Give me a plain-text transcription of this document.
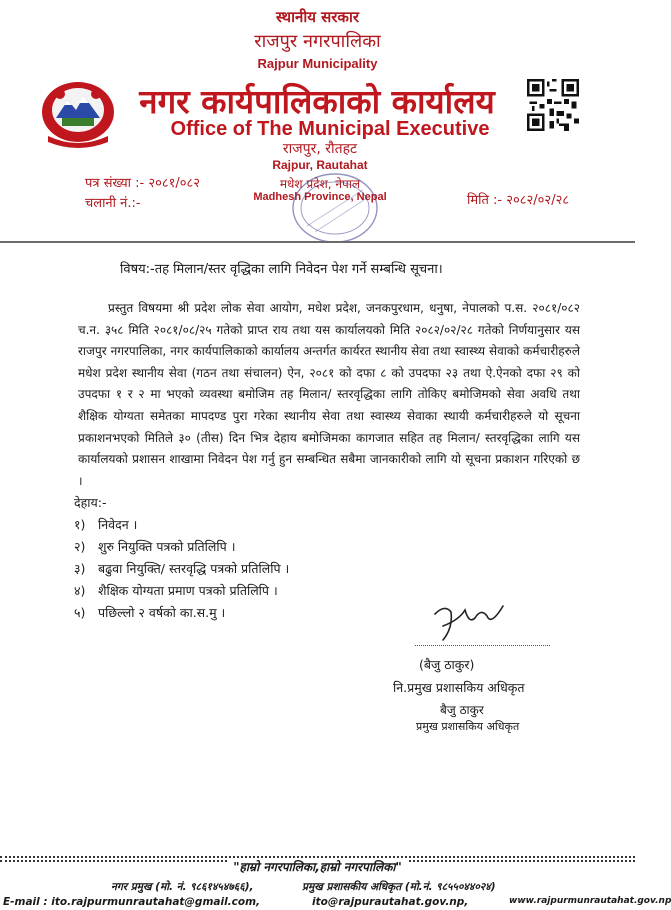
स्थानीय सरकार
राजपुर नगरपालिका
Rajpur Municipality
नगर कार्यपालिकाको कार्यालय
Office of The Municipal Executive
राजपुर, रौतहट
Rajpur, Rautahat
मधेश प्रदेश, नेपाल
Madhesh Province, Nepal
पत्र संख्या :- २०८१/०८२
चलानी नं.:-	मिति :- २०८२/०२/२८
विषय:-तह मिलान/स्तर वृद्धिका लागि निवेदन पेश गर्ने सम्बन्धि सूचना।
प्रस्तुत विषयमा श्री प्रदेश लोक सेवा आयोग, मधेश प्रदेश, जनकपुरधाम, धनुषा, नेपालको प.स. २०८१/०८२ च.न. ३५८ मिति २०८१/०८/२५ गतेको प्राप्त राय तथा यस कार्यालयको मिति २०८२/०२/२८ गतेको निर्णयानुसार यस राजपुर नगरपालिका, नगर कार्यपालिकाको कार्यालय अन्तर्गत कार्यरत स्थानीय सेवा तथा स्वास्थ्य सेवाको कर्मचारीहरुले मधेश प्रदेश स्थानीय सेवा (गठन तथा संचालन) ऐन, २०८१ को दफा ८ को उपदफा २३ तथा ऐ.ऐनको दफा २९ को उपदफा १ र २ मा भएको व्यवस्था बमोजिम तह मिलान/ स्तरवृद्धिका लागि तोकिए बमोजिमको सेवा अवधि तथा शैक्षिक योग्यता समेतका मापदण्ड पुरा गरेका स्थानीय सेवा तथा स्वास्थ्य सेवाका स्थायी कर्मचारीहरुले यो सूचना प्रकाशनभएको मितिले ३० (तीस) दिन भित्र देहाय बमोजिमका कागजात सहित तह मिलान/ स्तरवृद्धिका लागि यस कार्यालयको प्रशासन शाखामा निवेदन पेश गर्नु हुन सम्बन्धित सबैमा जानकारीको लागि यो सूचना प्रकाशन गरिएको छ ।
देहाय:-
१) निवेदन ।
२) शुरु नियुक्ति पत्रको प्रतिलिपि ।
३) बढुवा नियुक्ति/ स्तरवृद्धि पत्रको प्रतिलिपि ।
४) शैक्षिक योग्यता प्रमाण पत्रको प्रतिलिपि ।
५) पछिल्लो २ वर्षको का.स.मु ।
(बैजु ठाकुर)
नि.प्रमुख प्रशासकिय अधिकृत
बैजु ठाकुर
प्रमुख प्रशासकिय अधिकृत
"हाम्रो नगरपालिका,हाम्रो नगरपालिका"
नगर प्रमुख (मो. नं. ९८६१४५४७६६),	प्रमुख प्रशासकीय अधिकृत (मो.नं. ९८५५०४४०२४)
E-mail : ito.rajpurmunrautahat@gmail.com,	ito@rajpurautahat.gov.np,	www.rajpurmunrautahat.gov.np
